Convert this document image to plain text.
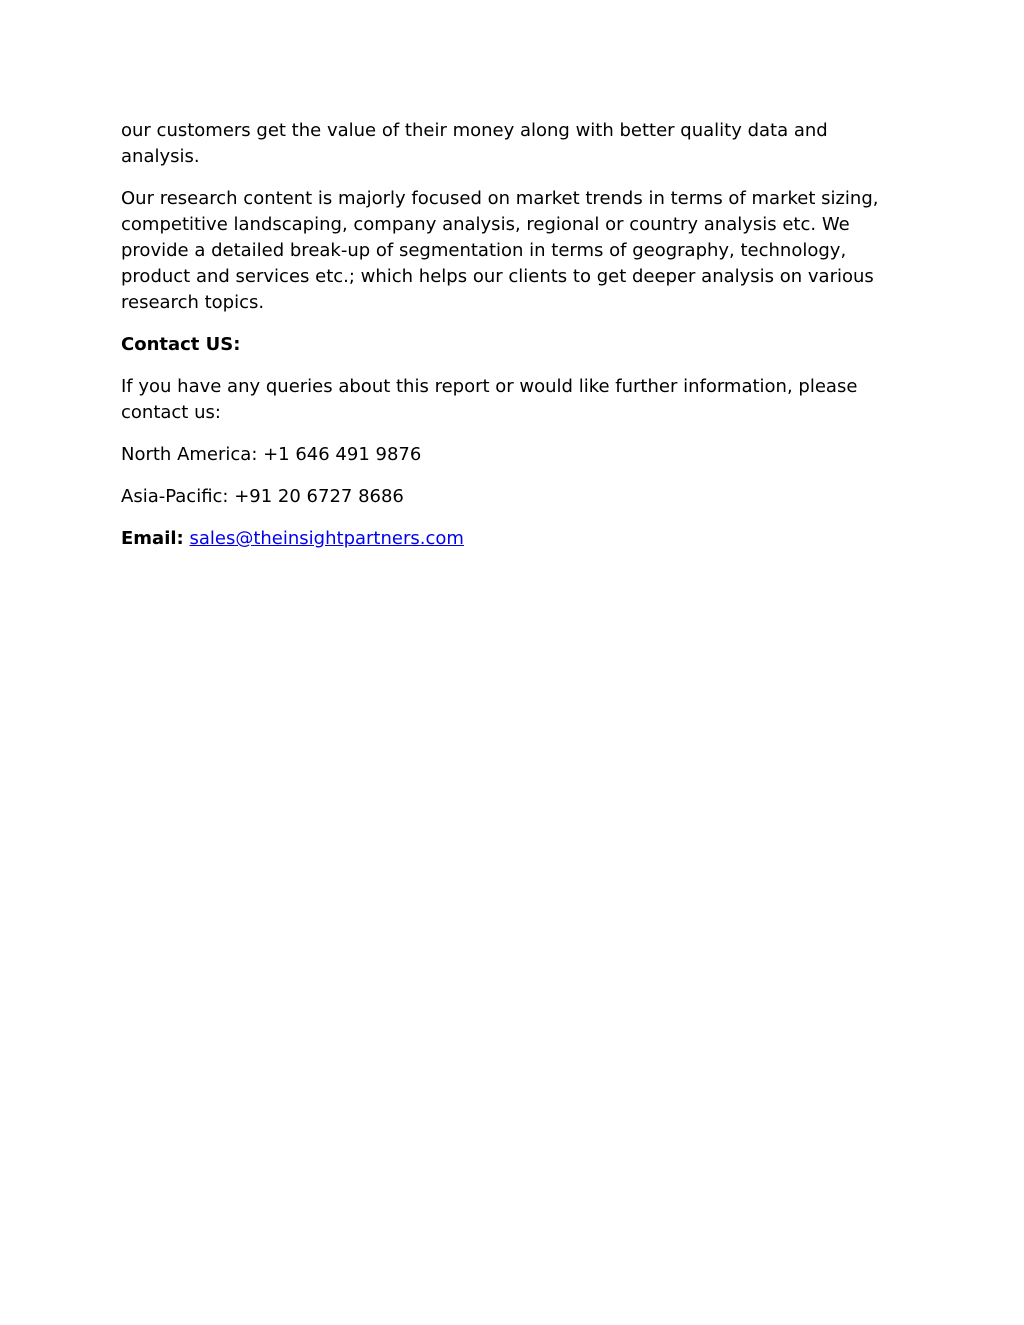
our customers get the value of their money along with better quality data and analysis.

Our research content is majorly focused on market trends in terms of market sizing, competitive landscaping, company analysis, regional or country analysis etc. We provide a detailed break-up of segmentation in terms of geography, technology, product and services etc.; which helps our clients to get deeper analysis on various research topics.

Contact US:

If you have any queries about this report or would like further information, please contact us:

North America: +1 646 491 9876

Asia-Pacific: +91 20 6727 8686

Email: sales@theinsightpartners.com
